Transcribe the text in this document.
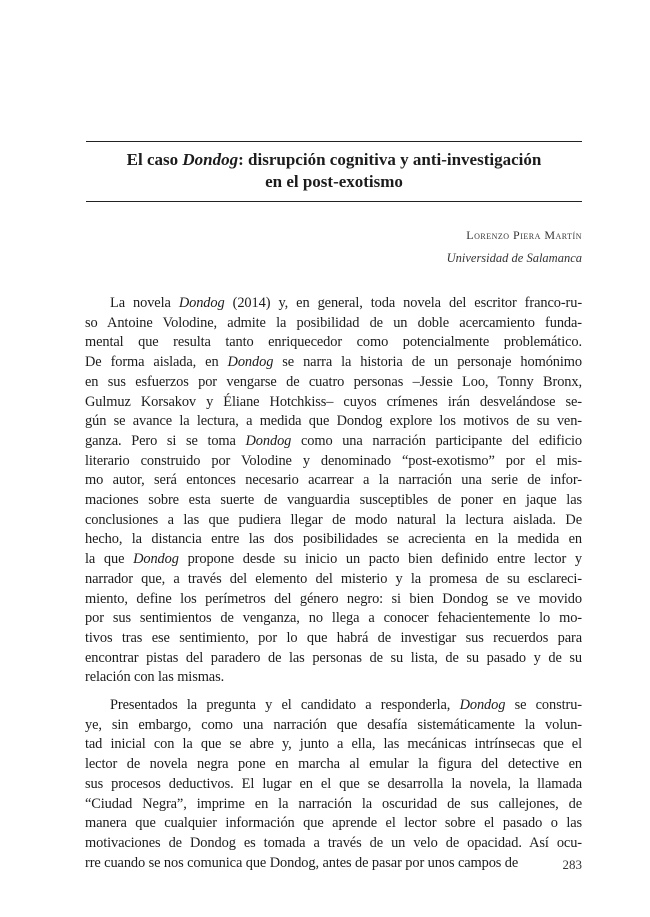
El caso Dondog: disrupción cognitiva y anti-investigación
en el post-exotismo

Lorenzo Piera Martín

Universidad de Salamanca

La novela Dondog (2014) y, en general, toda novela del escritor franco-ru-
so Antoine Volodine, admite la posibilidad de un doble acercamiento funda-
mental que resulta tanto enriquecedor como potencialmente problemático.
De forma aislada, en Dondog se narra la historia de un personaje homónimo
en sus esfuerzos por vengarse de cuatro personas –Jessie Loo, Tonny Bronx,
Gulmuz Korsakov y Éliane Hotchkiss– cuyos crímenes irán desvelándose se-
gún se avance la lectura, a medida que Dondog explore los motivos de su ven-
ganza. Pero si se toma Dondog como una narración participante del edificio
literario construido por Volodine y denominado “post-exotismo” por el mis-
mo autor, será entonces necesario acarrear a la narración una serie de infor-
maciones sobre esta suerte de vanguardia susceptibles de poner en jaque las
conclusiones a las que pudiera llegar de modo natural la lectura aislada. De
hecho, la distancia entre las dos posibilidades se acrecienta en la medida en
la que Dondog propone desde su inicio un pacto bien definido entre lector y
narrador que, a través del elemento del misterio y la promesa de su esclareci-
miento, define los perímetros del género negro: si bien Dondog se ve movido
por sus sentimientos de venganza, no llega a conocer fehacientemente lo mo-
tivos tras ese sentimiento, por lo que habrá de investigar sus recuerdos para
encontrar pistas del paradero de las personas de su lista, de su pasado y de su
relación con las mismas.

Presentados la pregunta y el candidato a responderla, Dondog se constru-
ye, sin embargo, como una narración que desafía sistemáticamente la volun-
tad inicial con la que se abre y, junto a ella, las mecánicas intrínsecas que el
lector de novela negra pone en marcha al emular la figura del detective en
sus procesos deductivos. El lugar en el que se desarrolla la novela, la llamada
“Ciudad Negra”, imprime en la narración la oscuridad de sus callejones, de
manera que cualquier información que aprende el lector sobre el pasado o las
motivaciones de Dondog es tomada a través de un velo de opacidad. Así ocu-
rre cuando se nos comunica que Dondog, antes de pasar por unos campos de	283
